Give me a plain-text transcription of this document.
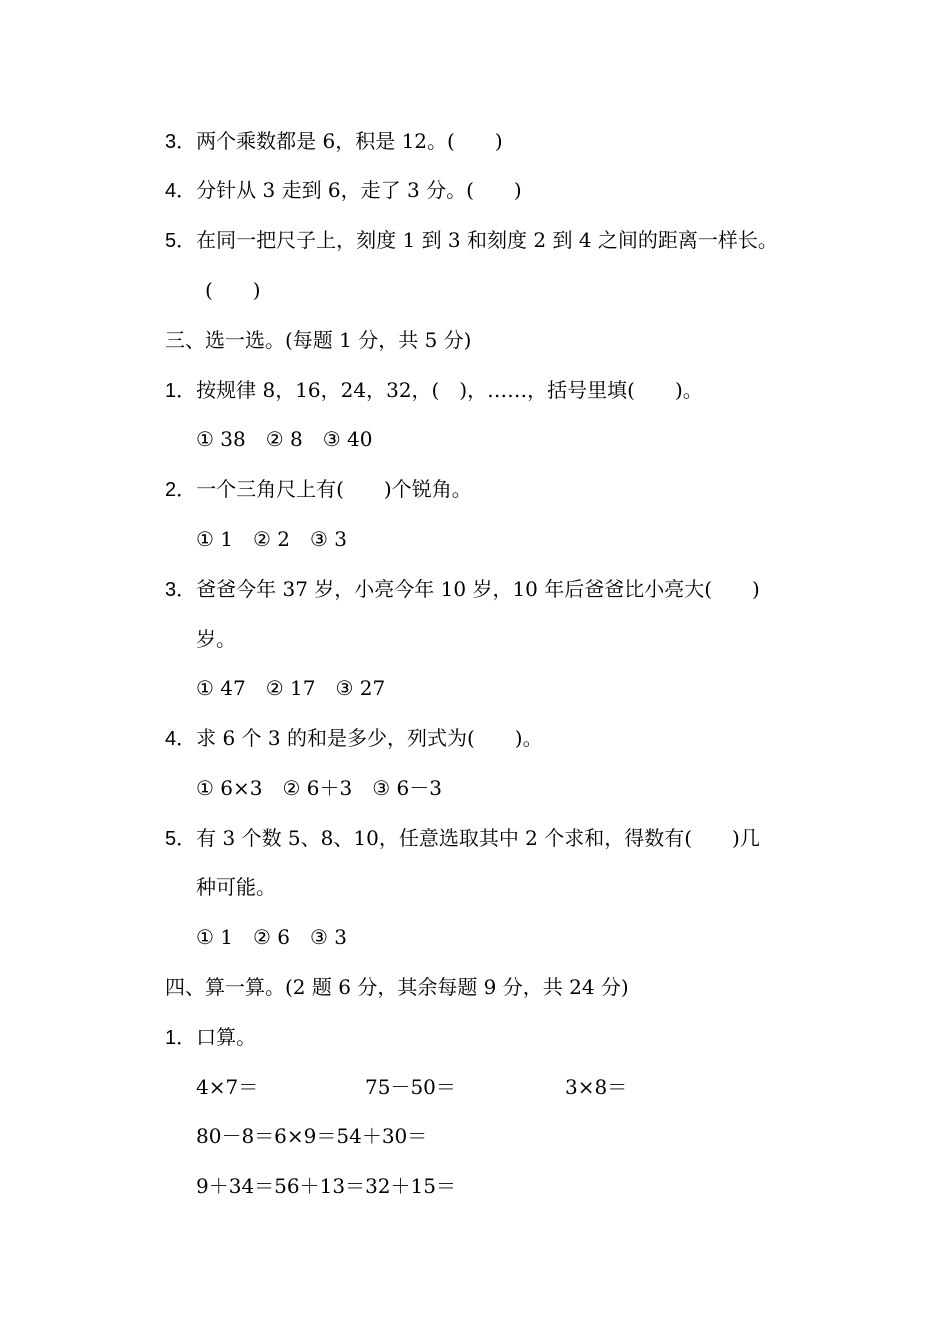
3．两个乘数都是 6，积是 12。(　　)
4．分针从 3 走到 6，走了 3 分。(　　)
5．在同一把尺子上，刻度 1 到 3 和刻度 2 到 4 之间的距离一样长。
(　　)
三、选一选。(每题 1 分，共 5 分)
1．按规律 8，16，24，32，(　)，……，括号里填(　　)。
① 38　② 8　③ 40
2．一个三角尺上有(　　)个锐角。
① 1　② 2　③ 3
3．爸爸今年 37 岁，小亮今年 10 岁，10 年后爸爸比小亮大(　　)
岁。
① 47　② 17　③ 27
4．求 6 个 3 的和是多少，列式为(　　)。
① 6×3　② 6＋3　③ 6－3
5．有 3 个数 5、8、10，任意选取其中 2 个求和，得数有(　　)几
种可能。
① 1　② 6　③ 3
四、算一算。(2 题 6 分，其余每题 9 分，共 24 分)
1．口算。
4×7＝	75－50＝	3×8＝
80－8＝6×9＝54＋30＝
9＋34＝56＋13＝32＋15＝
